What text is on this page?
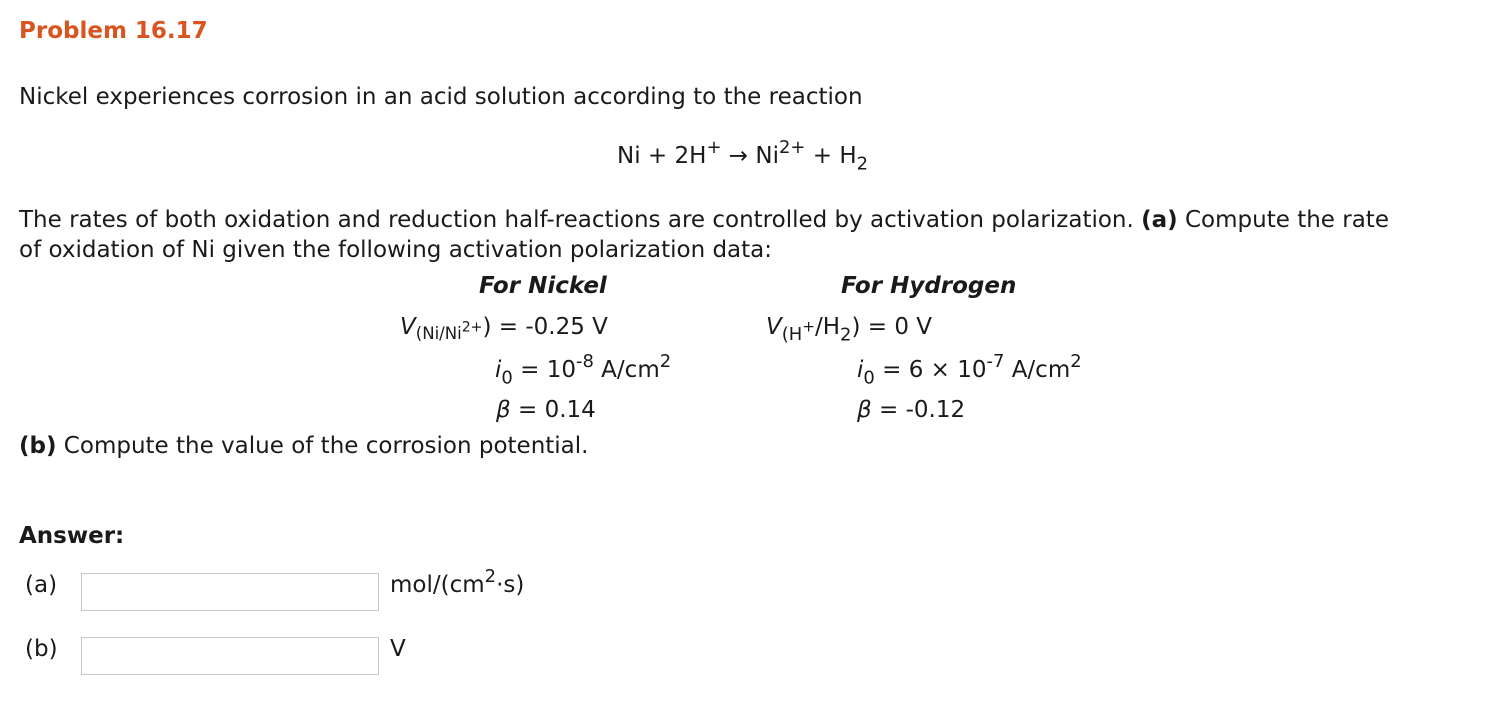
Problem 16.17
Nickel experiences corrosion in an acid solution according to the reaction
$Ni + 2H^+ \to Ni^{2+} + H_2$
The rates of both oxidation and reduction half-reactions are controlled by activation polarization. (a) Compute the rate
of oxidation of Ni given the following activation polarization data:
For Nickel
$V_{(Ni/Ni2+}) = -0.25$ V
$i_0 = 10^{-8}$ $A/cm^2$
β = 0.14
For Hydrogen
$V_{(H^+}/H_2) = 0$ V
$i_0 = 6 \times 10^{-7}$ $A/cm^2$
β = -0.12
(b) Compute the value of the corrosion potential.
Answer:
(a)	mol/$(cm^2\cdot s)$
(b)	V
